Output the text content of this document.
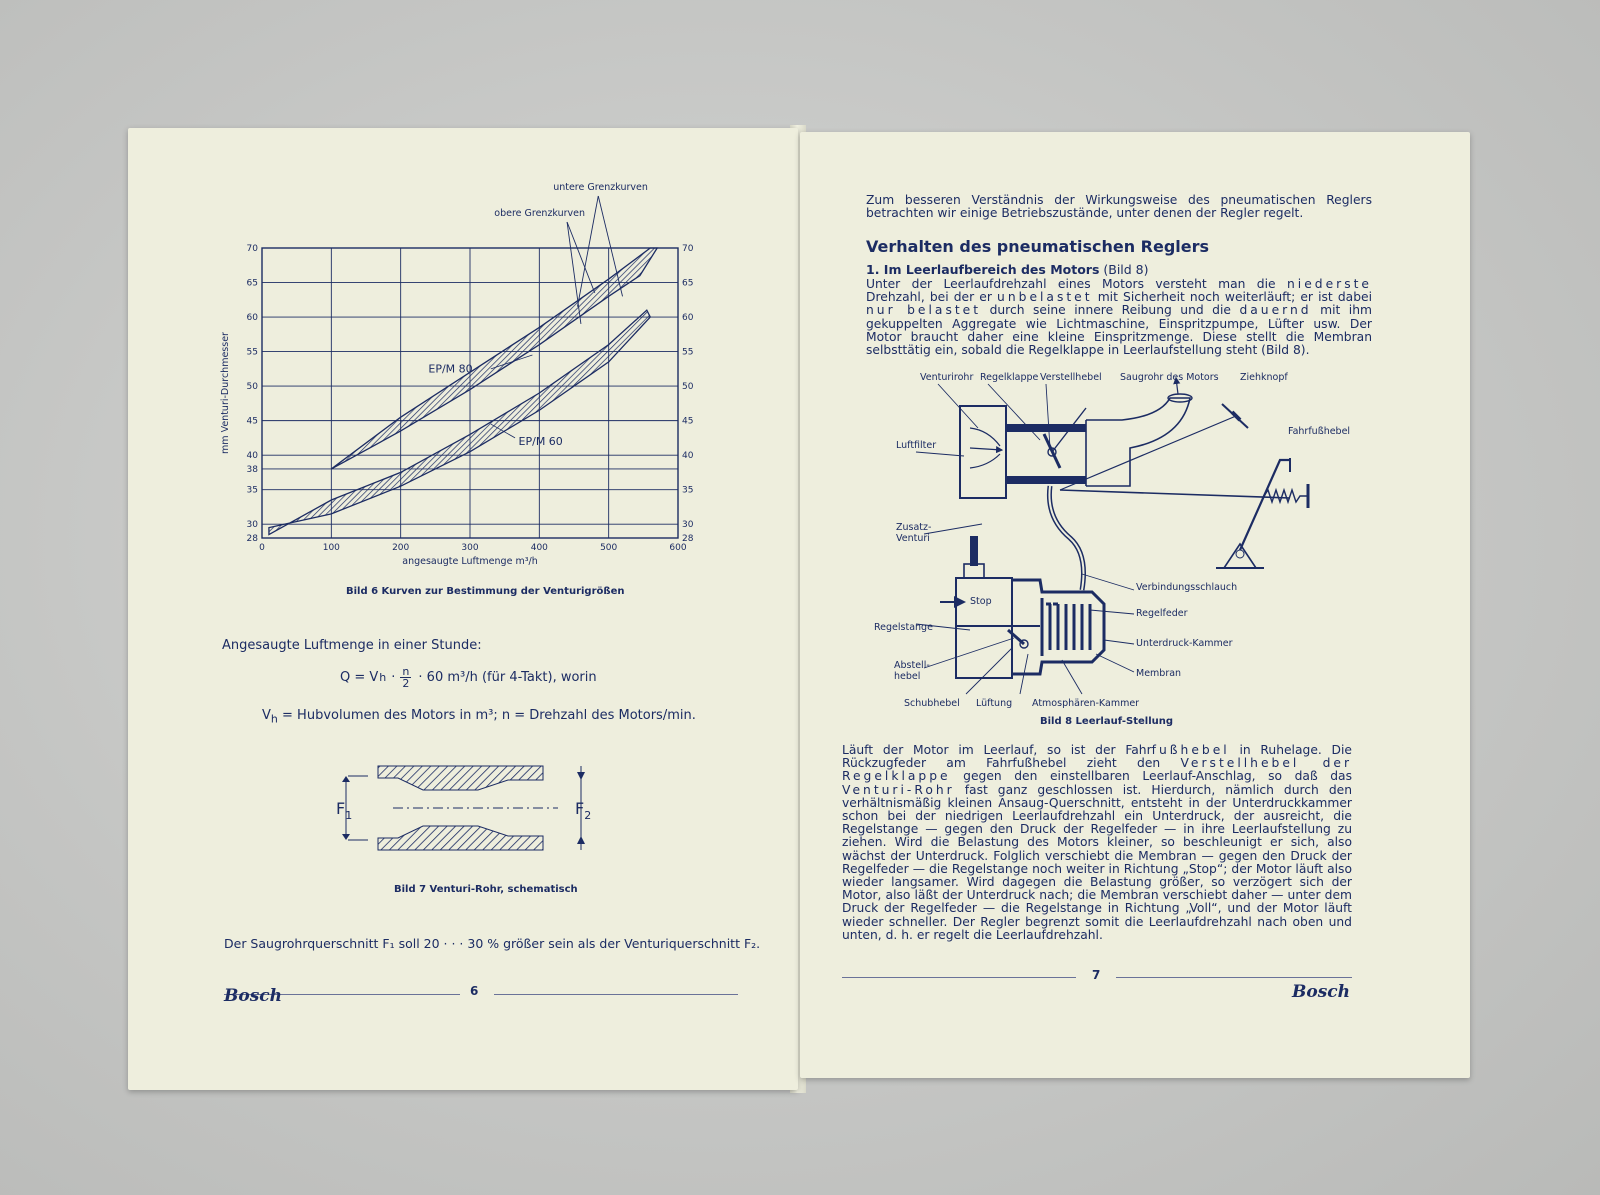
0	100	200	300	400	500	600
28
30
35
38
40
45
50
55
60
65
70
28
30
35
40
45
50
55
60
65
70
angesaugte Luftmenge m³/h
mm Venturi-Durchmesser	EP/M 80
EP/M 60
untere Grenzkurven
obere Grenzkurven
Bild 6 Kurven zur Bestimmung der Venturigrößen
Angesaugte Luftmenge in einer Stunde:
Q = V $h \cdot \frac{n}{2} \cdot 60$ m³/h (für 4-Takt), worin
$V_h$ = Hubvolumen des Motors in m³; n = Drehzahl des Motors/min.
$F_1$	$F_2$
Bild 7 Venturi-Rohr, schematisch
Der Saugrohrquerschnitt F₁ soll 20 · · · 30 % größer sein als der Venturiquerschnitt F₂.
6
Bosch
Zum besseren Verständnis der Wirkungsweise des pneumatischen Reglers betrachten wir einige Betriebszustände, unter denen der Regler regelt.
Verhalten des pneumatischen Reglers
1. Im Leerlaufbereich des Motors (Bild 8)
Unter der Leerlaufdrehzahl eines Motors versteht man die niederste Drehzahl, bei der er unbelastet mit Sicherheit noch weiterläuft; er ist dabei nur belastet durch seine innere Reibung und die dauernd mit ihm gekuppelten Aggregate wie Lichtmaschine, Einspritzpumpe, Lüfter usw. Der Motor braucht daher eine kleine Einspritzmenge. Diese stellt die Membran selbsttätig ein, sobald die Regelklappe in Leerlaufstellung steht (Bild 8).
Venturirohr Regelklappe Verstellhebel Saugrohr des Motors Ziehknopf
Luftfilter
Fahrfußhebel
Zusatz-
Venturi
Verbindungsschlauch
Stop
Regelfeder
Regelstange
Unterdruck-Kammer
Abstell-
hebel	Membran
Schubhebel Lüftung Atmosphären-Kammer
Bild 8 Leerlauf-Stellung
Läuft der Motor im Leerlauf, so ist der Fahrfußhebel in Ruhelage. Die Rückzugfeder am Fahrfußhebel zieht den Verstellhebel der Regelklappe gegen den einstellbaren Leerlauf-Anschlag, so daß das Venturi-Rohr fast ganz geschlossen ist. Hierdurch, nämlich durch den verhältnismäßig kleinen Ansaug-Querschnitt, entsteht in der Unterdruckkammer schon bei der niedrigen Leerlaufdrehzahl ein Unterdruck, der ausreicht, die Regelstange — gegen den Druck der Regelfeder — in ihre Leerlaufstellung zu ziehen. Wird die Belastung des Motors kleiner, so beschleunigt er sich, also wächst der Unterdruck. Folglich verschiebt die Membran — gegen den Druck der Regelfeder — die Regelstange noch weiter in Richtung „Stop“; der Motor läuft also wieder langsamer. Wird dagegen die Belastung größer, so verzögert sich der Motor, also läßt der Unterdruck nach; die Membran verschiebt daher — unter dem Druck der Regelfeder — die Regelstange in Richtung „Voll“, und der Motor läuft wieder schneller. Der Regler begrenzt somit die Leerlaufdrehzahl nach oben und unten, d. h. er regelt die Leerlaufdrehzahl.
7
Bosch
